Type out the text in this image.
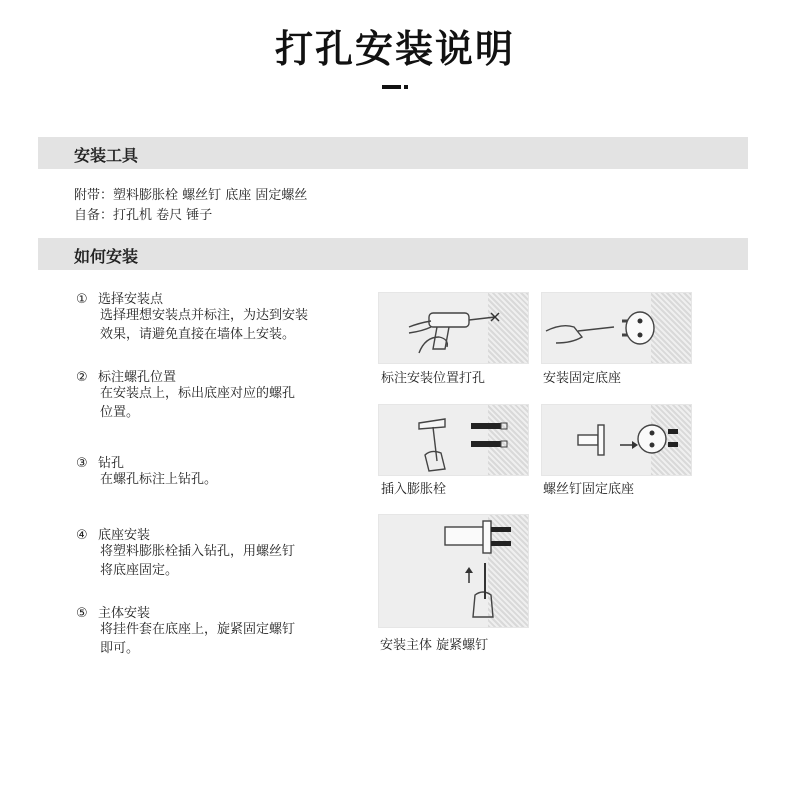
打孔安装说明
安装工具
附带：塑料膨胀栓 螺丝钉 底座 固定螺丝
自备：打孔机 卷尺 锤子
如何安装
① 选择安装点
选择理想安装点并标注，为达到安装
效果，请避免直接在墙体上安装。
② 标注螺孔位置
在安装点上，标出底座对应的螺孔
位置。
③ 钻孔
在螺孔标注上钻孔。
④ 底座安装
将塑料膨胀栓插入钻孔，用螺丝钉
将底座固定。
⑤ 主体安装
将挂件套在底座上，旋紧固定螺钉
即可。
标注安装位置打孔	安装固定底座
插入膨胀栓	螺丝钉固定底座
安装主体 旋紧螺钉
